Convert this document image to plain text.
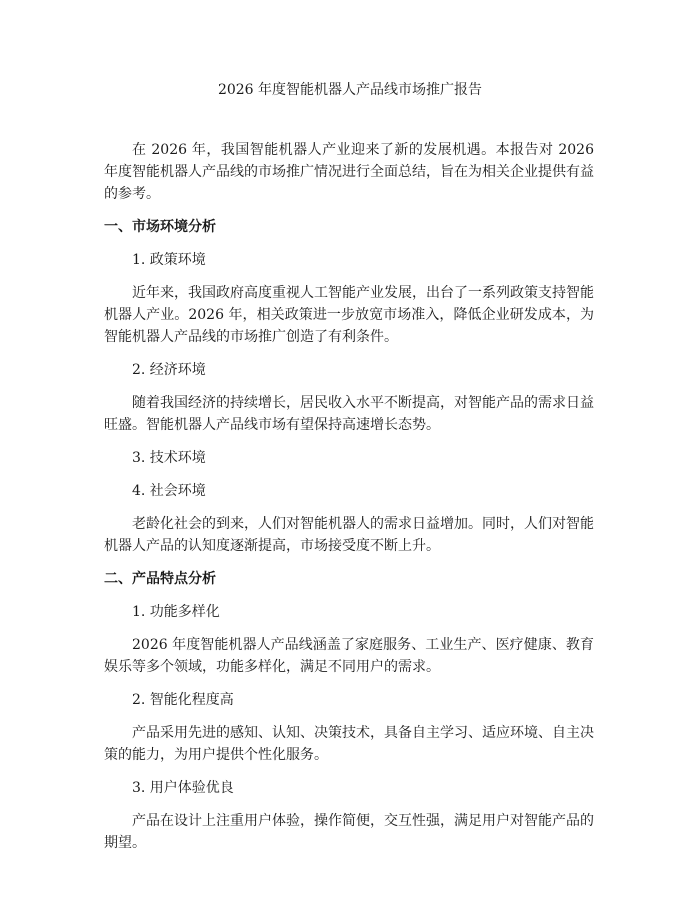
2026 年度智能机器人产品线市场推广报告

在 2026 年，我国智能机器人产业迎来了新的发展机遇。本报告对 2026 年度智能机器人产品线的市场推广情况进行全面总结，旨在为相关企业提供有益的参考。

一、市场环境分析

1. 政策环境

近年来，我国政府高度重视人工智能产业发展，出台了一系列政策支持智能机器人产业。2026 年，相关政策进一步放宽市场准入，降低企业研发成本，为智能机器人产品线的市场推广创造了有利条件。

2. 经济环境

随着我国经济的持续增长，居民收入水平不断提高，对智能产品的需求日益旺盛。智能机器人产品线市场有望保持高速增长态势。

3. 技术环境

4. 社会环境

老龄化社会的到来，人们对智能机器人的需求日益增加。同时，人们对智能机器人产品的认知度逐渐提高，市场接受度不断上升。

二、产品特点分析

1. 功能多样化

2026 年度智能机器人产品线涵盖了家庭服务、工业生产、医疗健康、教育娱乐等多个领域，功能多样化，满足不同用户的需求。

2. 智能化程度高

产品采用先进的感知、认知、决策技术，具备自主学习、适应环境、自主决策的能力，为用户提供个性化服务。

3. 用户体验优良

产品在设计上注重用户体验，操作简便，交互性强，满足用户对智能产品的期望。
